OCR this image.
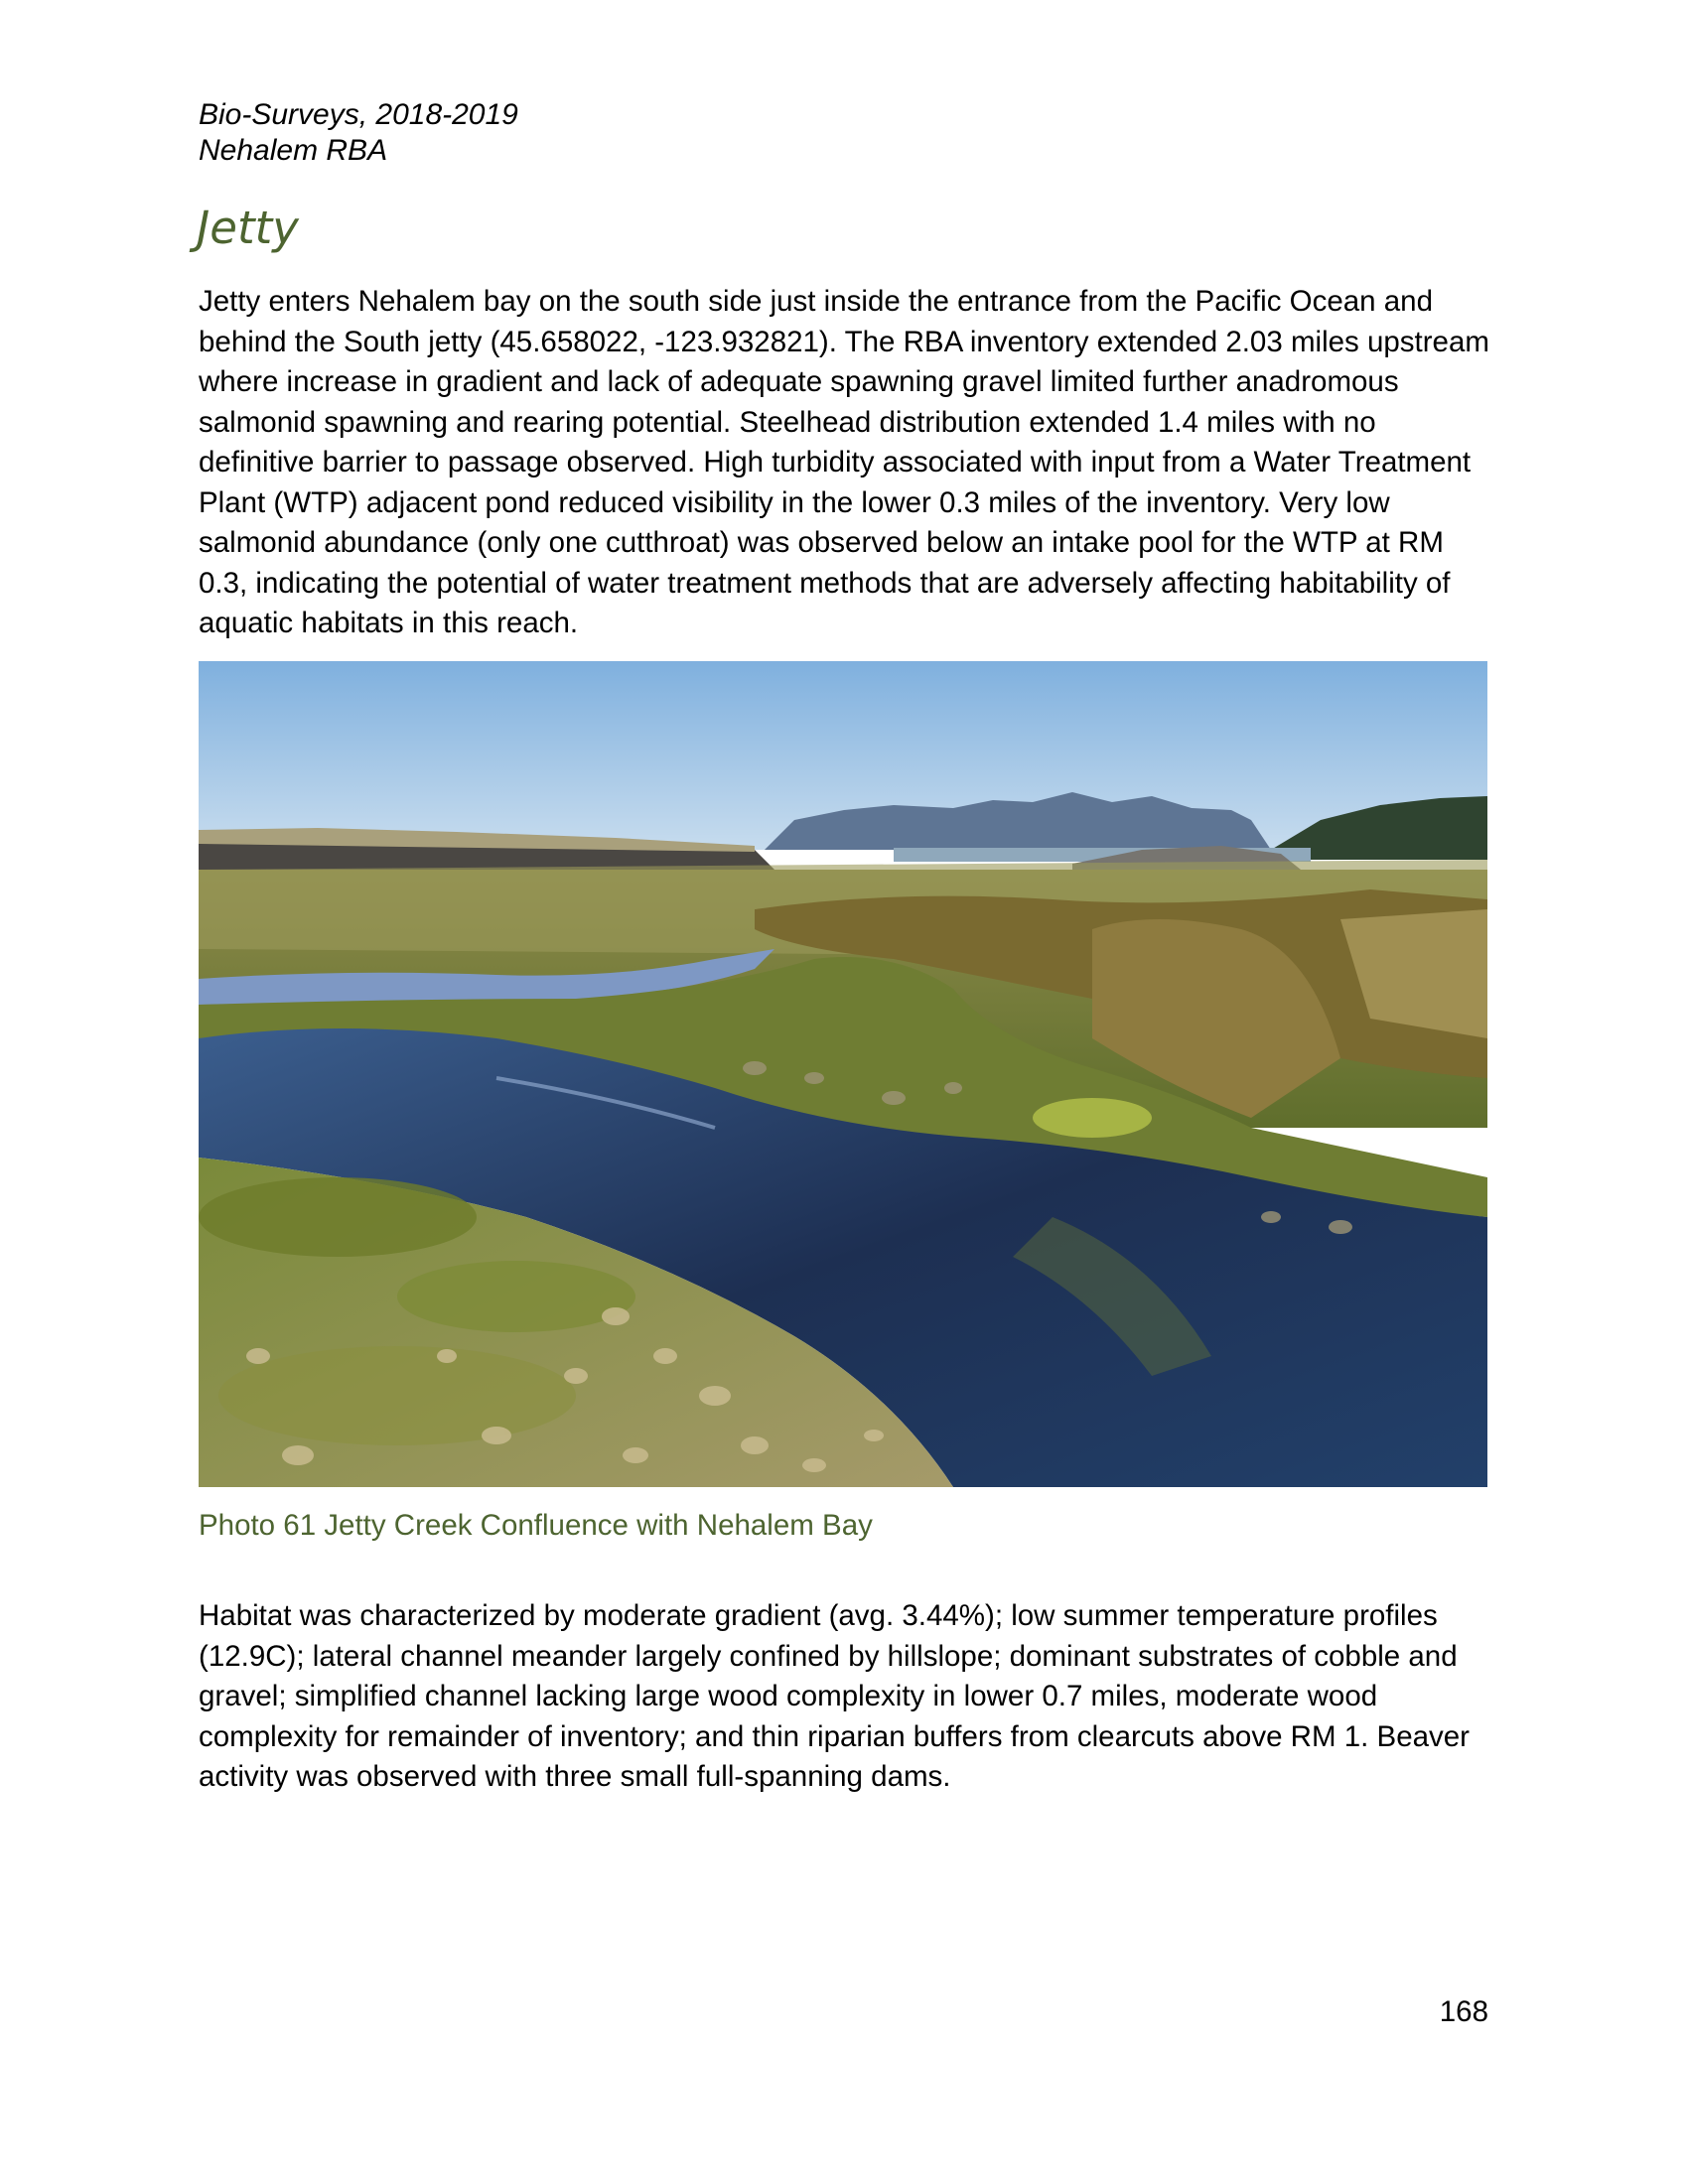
Bio-Surveys, 2018-2019
Nehalem RBA
Jetty

Jetty enters Nehalem bay on the south side just inside the entrance from the Pacific Ocean and behind the South jetty (45.658022, -123.932821). The RBA inventory extended 2.03 miles upstream where increase in gradient and lack of adequate spawning gravel limited further anadromous salmonid spawning and rearing potential. Steelhead distribution extended 1.4 miles with no definitive barrier to passage observed. High turbidity associated with input from a Water Treatment Plant (WTP) adjacent pond reduced visibility in the lower 0.3 miles of the inventory. Very low salmonid abundance (only one cutthroat) was observed below an intake pool for the WTP at RM 0.3, indicating the potential of water treatment methods that are adversely affecting habitability of aquatic habitats in this reach.

Photo 61 Jetty Creek Confluence with Nehalem Bay

Habitat was characterized by moderate gradient (avg. 3.44%); low summer temperature profiles (12.9C); lateral channel meander largely confined by hillslope; dominant substrates of cobble and gravel; simplified channel lacking large wood complexity in lower 0.7 miles, moderate wood complexity for remainder of inventory; and thin riparian buffers from clearcuts above RM 1. Beaver activity was observed with three small full-spanning dams.

168
